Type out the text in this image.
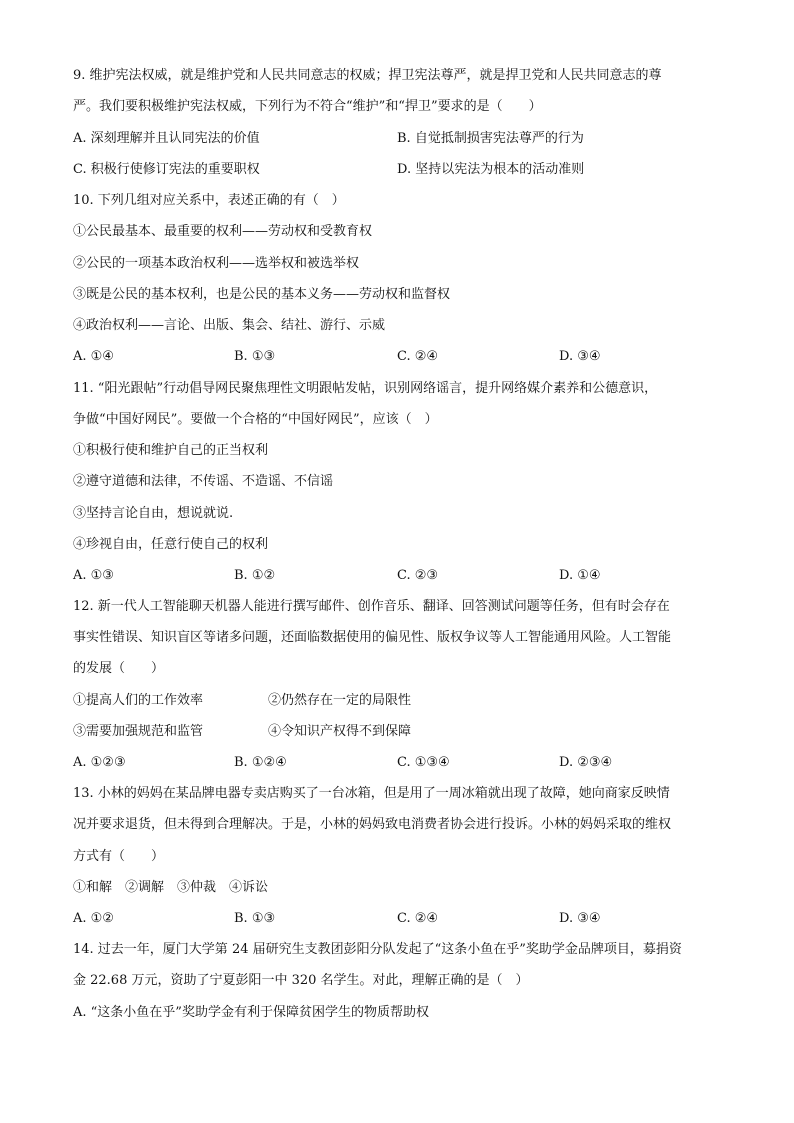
9. 维护宪法权威，就是维护党和人民共同意志的权威；捍卫宪法尊严，就是捍卫党和人民共同意志的尊
严。我们要积极维护宪法权威，下列行为不符合“维护”和“捍卫”要求的是（　　）
A. 深刻理解并且认同宪法的价值	B. 自觉抵制损害宪法尊严的行为
C. 积极行使修订宪法的重要职权	D. 坚持以宪法为根本的活动准则
10. 下列几组对应关系中，表述正确的有（　）
①公民最基本、最重要的权利——劳动权和受教育权
②公民的一项基本政治权利——选举权和被选举权
③既是公民的基本权利，也是公民的基本义务——劳动权和监督权
④政治权利——言论、出版、集会、结社、游行、示威
A. ①④	B. ①③	C. ②④	D. ③④
11. “阳光跟帖”行动倡导网民聚焦理性文明跟帖发帖，识别网络谣言，提升网络媒介素养和公德意识，
争做“中国好网民”。要做一个合格的“中国好网民”，应该（　）
①积极行使和维护自己的正当权利
②遵守道德和法律，不传谣、不造谣、不信谣
③坚持言论自由，想说就说.
④珍视自由，任意行使自己的权利
A. ①③	B. ①②	C. ②③	D. ①④
12. 新一代人工智能聊天机器人能进行撰写邮件、创作音乐、翻译、回答测试问题等任务，但有时会存在
事实性错误、知识盲区等诸多问题，还面临数据使用的偏见性、版权争议等人工智能通用风险。人工智能
的发展（　　）
①提高人们的工作效率	②仍然存在一定的局限性
③需要加强规范和监管	④令知识产权得不到保障
A. ①②③	B. ①②④	C. ①③④	D. ②③④
13. 小林的妈妈在某品牌电器专卖店购买了一台冰箱，但是用了一周冰箱就出现了故障，她向商家反映情
况并要求退货，但未得到合理解决。于是，小林的妈妈致电消费者协会进行投诉。小林的妈妈采取的维权
方式有（　　）
①和解　②调解　③仲裁　④诉讼
A. ①②	B. ①③	C. ②④	D. ③④
14. 过去一年，厦门大学第 24 届研究生支教团彭阳分队发起了“这条小鱼在乎”奖助学金品牌项目，募捐资
金 22.68 万元，资助了宁夏彭阳一中 320 名学生。对此，理解正确的是（　）
A. “这条小鱼在乎”奖助学金有利于保障贫困学生的物质帮助权
